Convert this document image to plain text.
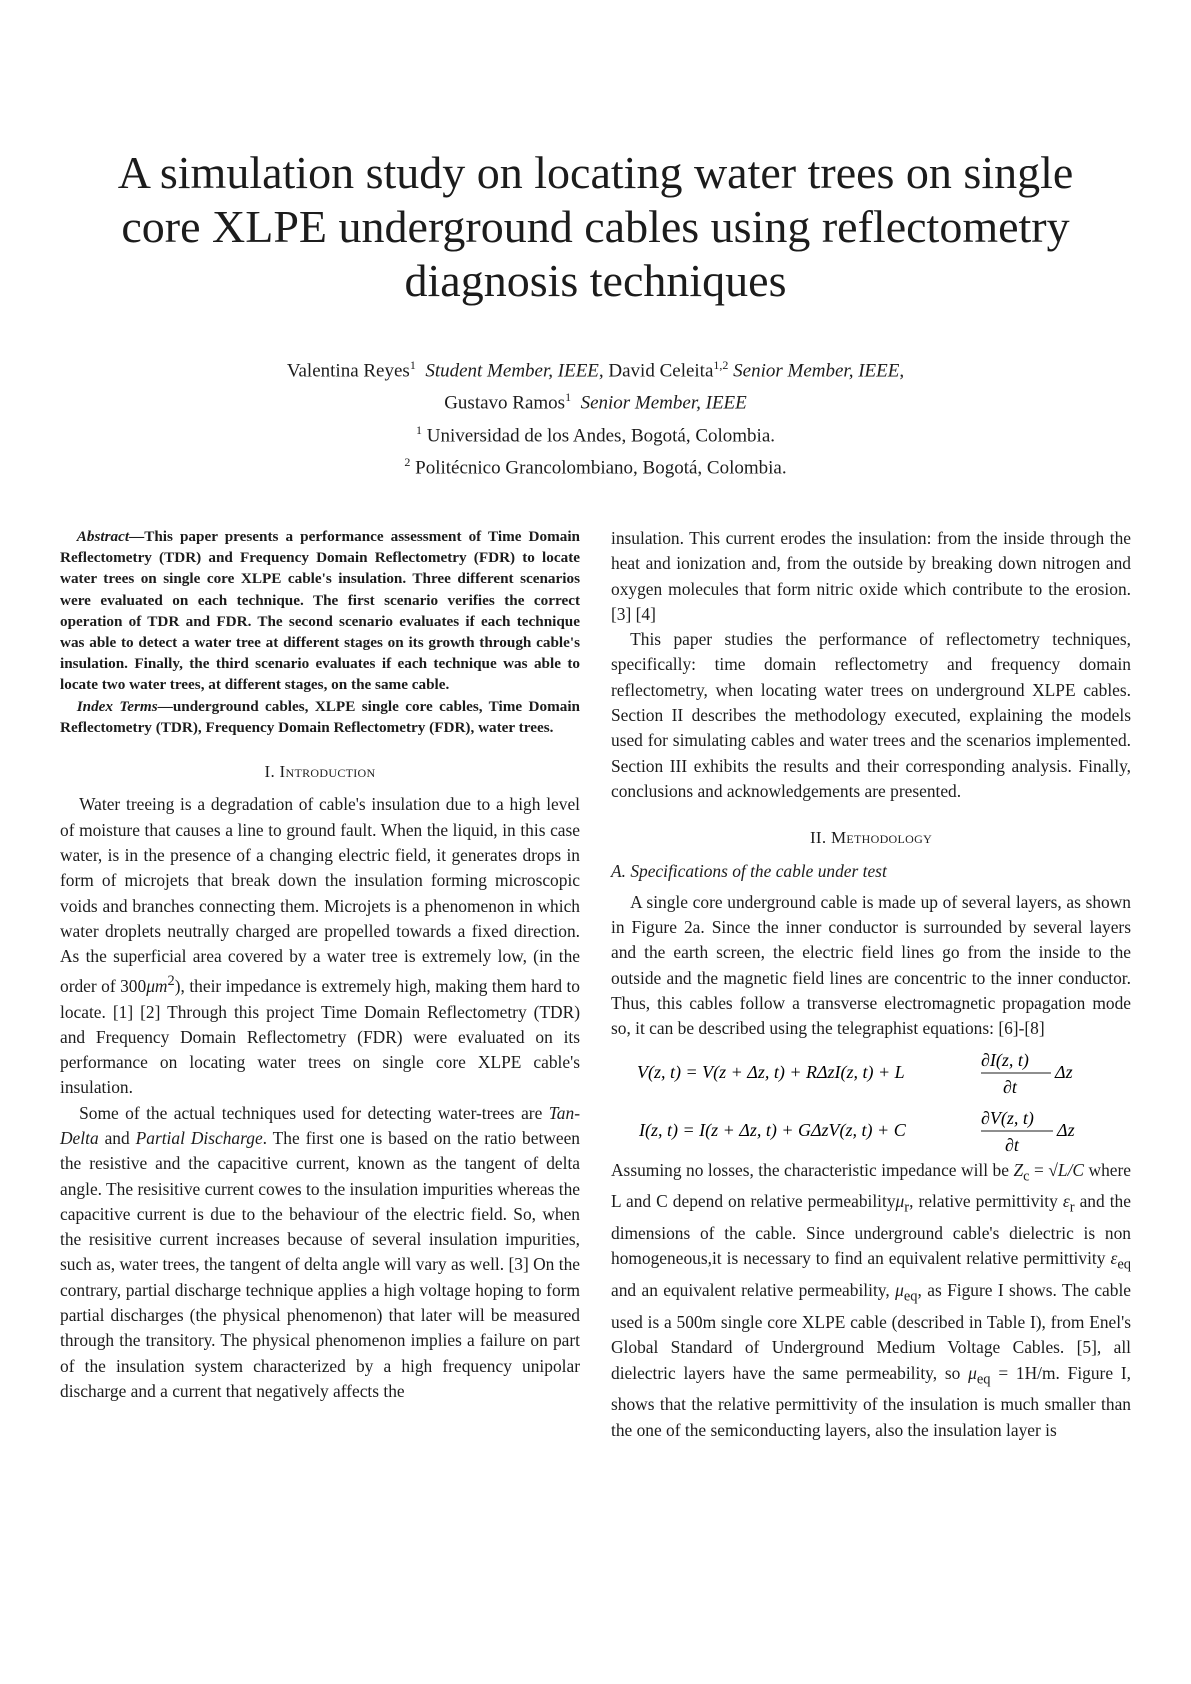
A simulation study on locating water trees on single
core XLPE underground cables using reflectometry
diagnosis techniques
Valentina Reyes$^1$ Student Member, IEEE, David Celeita$^{1,2}$ Senior Member, IEEE,
Gustavo Ramos$^1$ Senior Member, IEEE
$^1$ Universidad de los Andes, Bogotá, Colombia.
$^2$ Politécnico Grancolombiano, Bogotá, Colombia.

Abstract—This paper presents a performance assessment of Time Domain Reflectometry (TDR) and Frequency Domain Reflectometry (FDR) to locate water trees on single core XLPE cable's insulation. Three different scenarios were evaluated on each technique. The first scenario verifies the correct operation of TDR and FDR. The second scenario evaluates if each technique was able to detect a water tree at different stages on its growth through cable's insulation. Finally, the third scenario evaluates if each technique was able to locate two water trees, at different stages, on the same cable.

Index Terms—underground cables, XLPE single core cables, Time Domain Reflectometry (TDR), Frequency Domain Reflectometry (FDR), water trees.

I. Introduction

Water treeing is a degradation of cable's insulation due to a high level of moisture that causes a line to ground fault. When the liquid, in this case water, is in the presence of a changing electric field, it generates drops in form of microjets that break down the insulation forming microscopic voids and branches connecting them. Microjets is a phenomenon in which water droplets neutrally charged are propelled towards a fixed direction. As the superficial area covered by a water tree is extremely low, (in the order of $300\mu m^2$), their impedance is extremely high, making them hard to locate. [1] [2] Through this project Time Domain Reflectometry (TDR) and Frequency Domain Reflectometry (FDR) were evaluated on its performance on locating water trees on single core XLPE cable's insulation.

Some of the actual techniques used for detecting water-trees are Tan-Delta and Partial Discharge. The first one is based on the ratio between the resistive and the capacitive current, known as the tangent of delta angle. The resisitive current cowes to the insulation impurities whereas the capacitive current is due to the behaviour of the electric field. So, when the resisitive current increases because of several insulation impurities, such as, water trees, the tangent of delta angle will vary as well. [3] On the contrary, partial discharge technique applies a high voltage hoping to form partial discharges (the physical phenomenon) that later will be measured through the transitory. The physical phenomenon implies a failure on part of the insulation system characterized by a high frequency unipolar discharge and a current that negatively affects the

insulation. This current erodes the insulation: from the inside through the heat and ionization and, from the outside by breaking down nitrogen and oxygen molecules that form nitric oxide which contribute to the erosion. [3] [4]

This paper studies the performance of reflectometry techniques, specifically: time domain reflectometry and frequency domain reflectometry, when locating water trees on underground XLPE cables. Section II describes the methodology executed, explaining the models used for simulating cables and water trees and the scenarios implemented. Section III exhibits the results and their corresponding analysis. Finally, conclusions and acknowledgements are presented.

II. Methodology
A. Specifications of the cable under test

A single core underground cable is made up of several layers, as shown in Figure 2a. Since the inner conductor is surrounded by several layers and the earth screen, the electric field lines go from the inside to the outside and the magnetic field lines are concentric to the inner conductor. Thus, this cables follow a transverse electromagnetic propagation mode so, it can be described using the telegraphist equations: [6]-[8]

V(z, t) = V(z + Δz, t) + RΔzI(z, t) + L
∂I(z, t)
∂t
Δz
I(z, t) = I(z + Δz, t) + GΔzV(z, t) + C
∂V(z, t)
∂t
Δz

Assuming no losses, the characteristic impedance will be $Z_c = √L/C$ where L and C depend on relative permeabilityμ$_r$, relative permittivity $\varepsilon_r$ and the dimensions of the cable. Since underground cable's dielectric is non homogeneous,it is necessary to find an equivalent relative permittivity $\varepsilon_{eq}$ and an equivalent relative permeability, $\mu_{eq}$, as Figure I shows. The cable used is a 500m single core XLPE cable (described in Table I), from Enel's Global Standard of Underground Medium Voltage Cables. [5], all dielectric layers have the same permeability, so $\mu_{eq} = 1H/m$. Figure I, shows that the relative permittivity of the insulation is much smaller than the one of the semiconducting layers, also the insulation layer is
